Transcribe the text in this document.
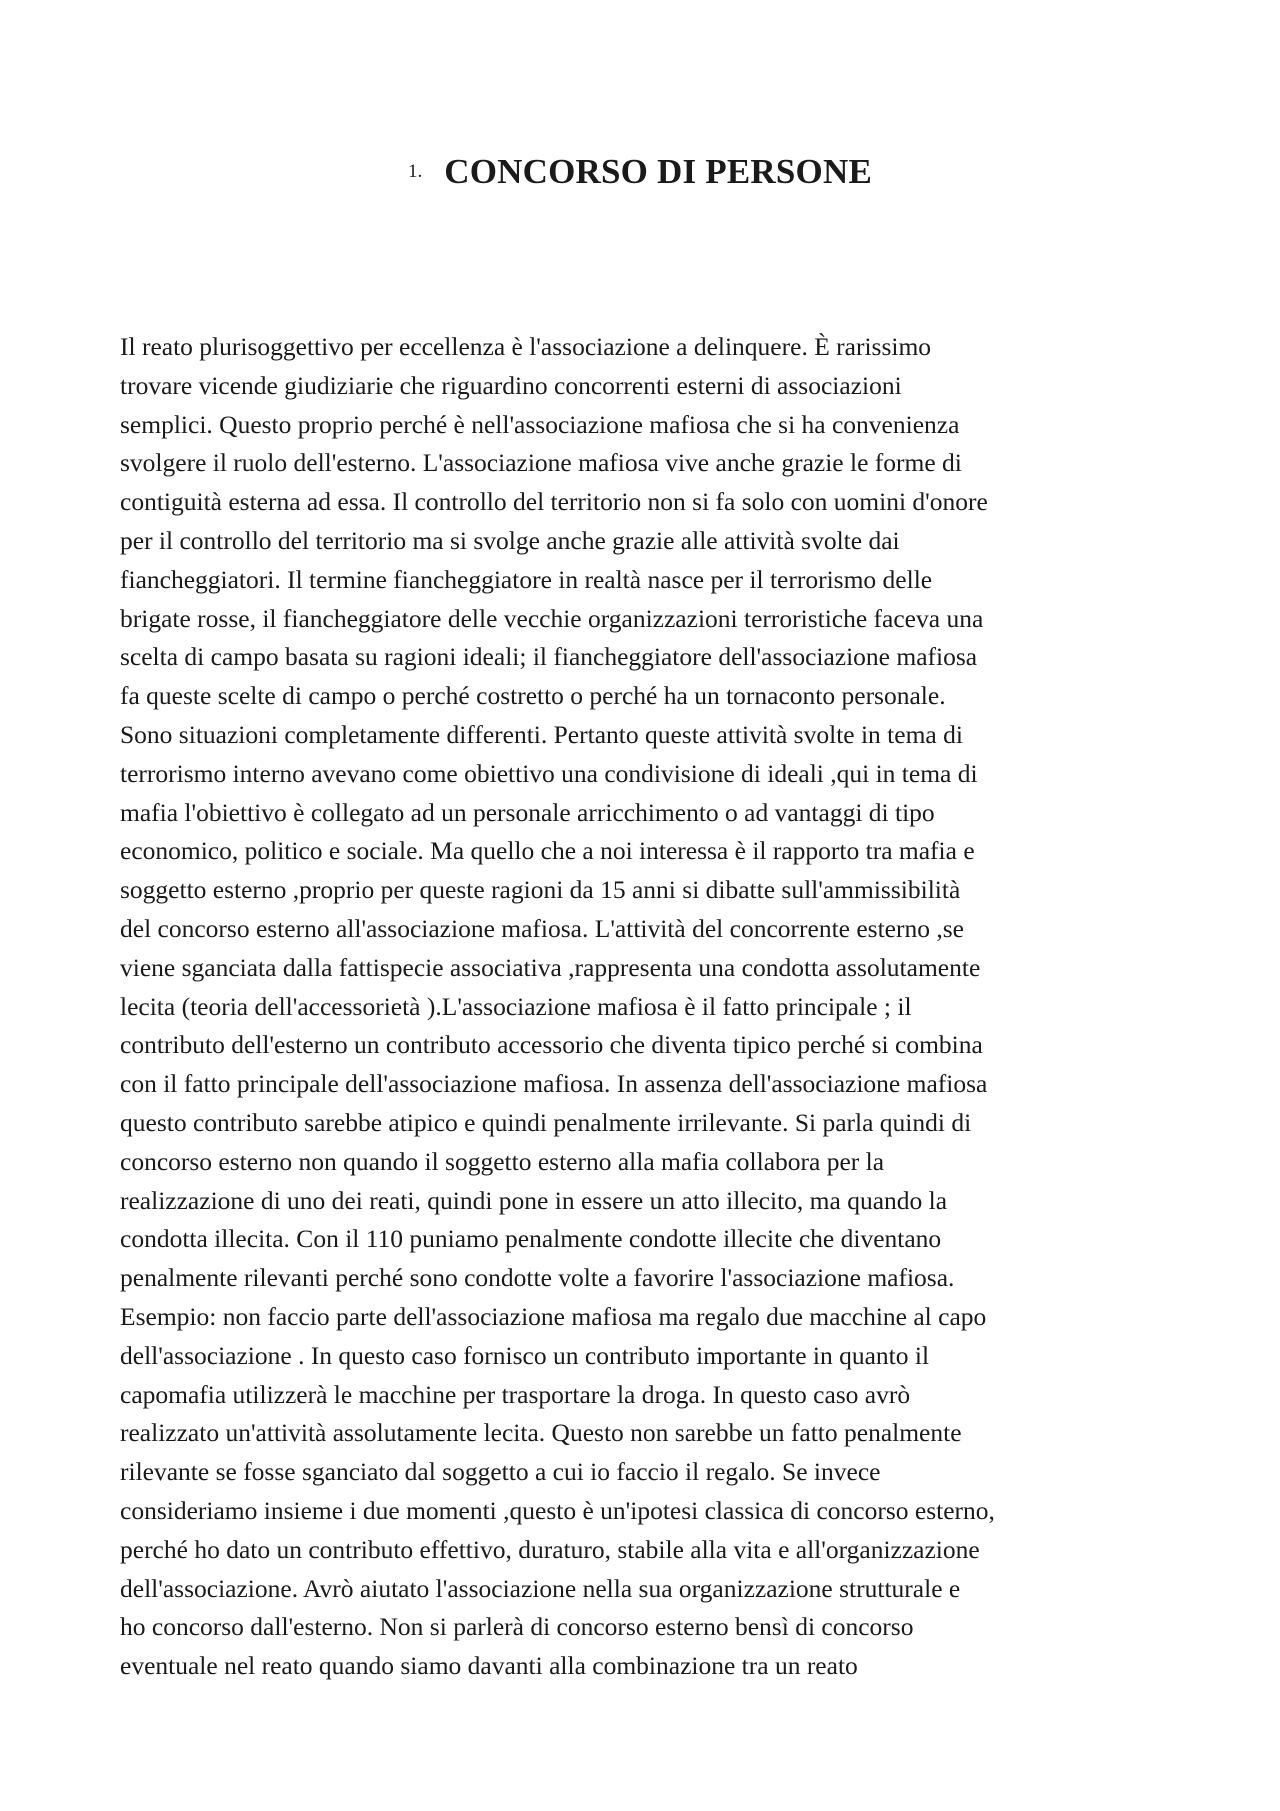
1. CONCORSO DI PERSONE
Il reato plurisoggettivo per eccellenza è l'associazione a delinquere. È rarissimo
trovare vicende giudiziarie che riguardino concorrenti esterni di associazioni
semplici. Questo proprio perché è nell'associazione mafiosa che si ha convenienza
svolgere il ruolo dell'esterno. L'associazione mafiosa vive anche grazie le forme di
contiguità esterna ad essa. Il controllo del territorio non si fa solo con uomini d'onore
per il controllo del territorio ma si svolge anche grazie alle attività svolte dai
fiancheggiatori. Il termine fiancheggiatore in realtà nasce per il terrorismo delle
brigate rosse, il fiancheggiatore delle vecchie organizzazioni terroristiche faceva una
scelta di campo basata su ragioni ideali; il fiancheggiatore dell'associazione mafiosa
fa queste scelte di campo o perché costretto o perché ha un tornaconto personale.
Sono situazioni completamente differenti. Pertanto queste attività svolte in tema di
terrorismo interno avevano come obiettivo una condivisione di ideali ,qui in tema di
mafia l'obiettivo è collegato ad un personale arricchimento o ad vantaggi di tipo
economico, politico e sociale. Ma quello che a noi interessa è il rapporto tra mafia e
soggetto esterno ,proprio per queste ragioni da 15 anni si dibatte sull'ammissibilità
del concorso esterno all'associazione mafiosa. L'attività del concorrente esterno ,se
viene sganciata dalla fattispecie associativa ,rappresenta una condotta assolutamente
lecita (teoria dell'accessorietà ).L'associazione mafiosa è il fatto principale ; il
contributo dell'esterno un contributo accessorio che diventa tipico perché si combina
con il fatto principale dell'associazione mafiosa. In assenza dell'associazione mafiosa
questo contributo sarebbe atipico e quindi penalmente irrilevante. Si parla quindi di
concorso esterno non quando il soggetto esterno alla mafia collabora per la
realizzazione di uno dei reati, quindi pone in essere un atto illecito, ma quando la
condotta illecita. Con il 110 puniamo penalmente condotte illecite che diventano
penalmente rilevanti perché sono condotte volte a favorire l'associazione mafiosa.
Esempio: non faccio parte dell'associazione mafiosa ma regalo due macchine al capo
dell'associazione . In questo caso fornisco un contributo importante in quanto il
capomafia utilizzerà le macchine per trasportare la droga. In questo caso avrò
realizzato un'attività assolutamente lecita. Questo non sarebbe un fatto penalmente
rilevante se fosse sganciato dal soggetto a cui io faccio il regalo. Se invece
consideriamo insieme i due momenti ,questo è un'ipotesi classica di concorso esterno,
perché ho dato un contributo effettivo, duraturo, stabile alla vita e all'organizzazione
dell'associazione. Avrò aiutato l'associazione nella sua organizzazione strutturale e
ho concorso dall'esterno. Non si parlerà di concorso esterno bensì di concorso
eventuale nel reato quando siamo davanti alla combinazione tra un reato
